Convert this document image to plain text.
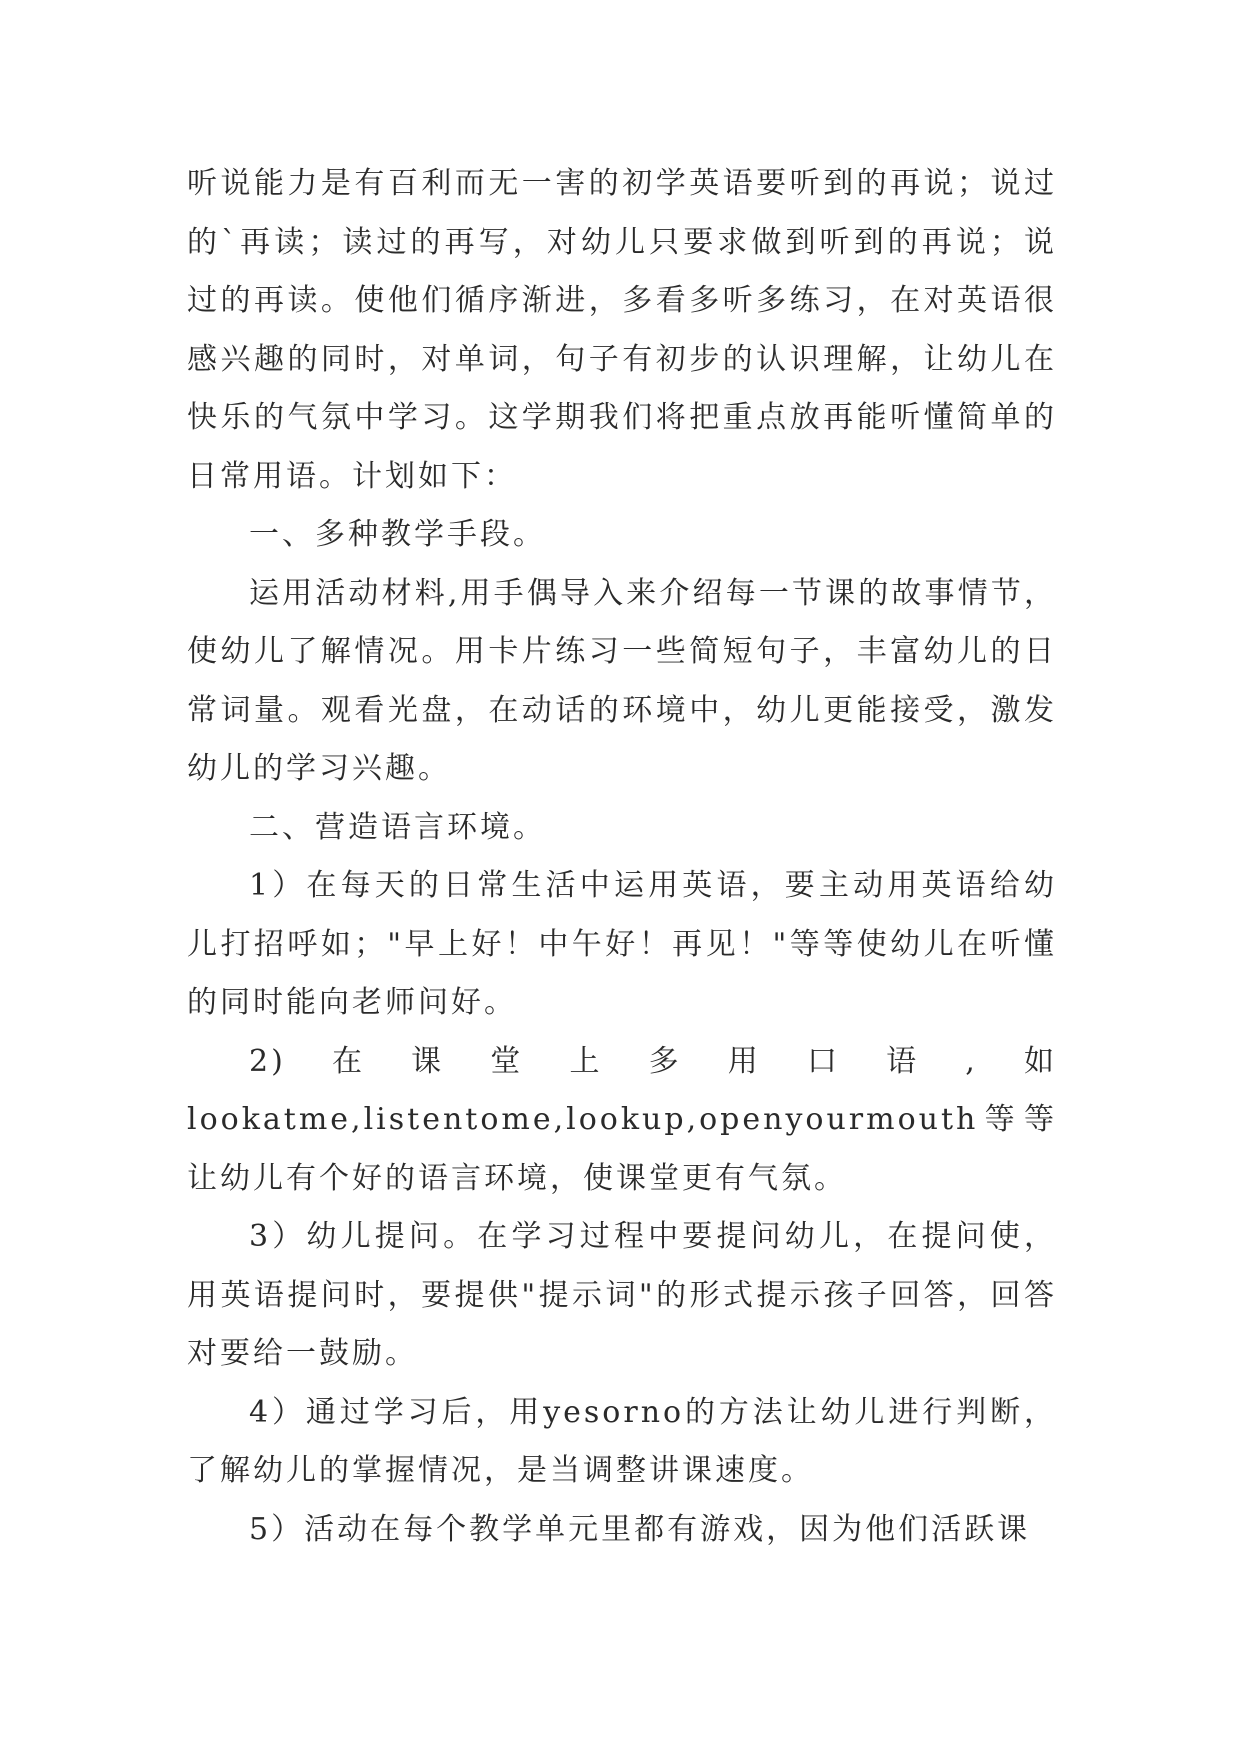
听说能力是有百利而无一害的初学英语要听到的再说；说过的`再读；读过的再写，对幼儿只要求做到听到的再说；说过的再读。使他们循序渐进，多看多听多练习，在对英语很感兴趣的同时，对单词，句子有初步的认识理解，让幼儿在快乐的气氛中学习。这学期我们将把重点放再能听懂简单的日常用语。计划如下：

一、多种教学手段。

运用活动材料,用手偶导入来介绍每一节课的故事情节，使幼儿了解情况。用卡片练习一些简短句子，丰富幼儿的日常词量。观看光盘，在动话的环境中，幼儿更能接受，激发幼儿的学习兴趣。

二、营造语言环境。

1）在每天的日常生活中运用英语，要主动用英语给幼儿打招呼如；"早上好！中午好！再见！"等等使幼儿在听懂的同时能向老师问好。

2)在课堂上多用口语,如lookatme,listentome,lookup,openyourmouth等等让幼儿有个好的语言环境，使课堂更有气氛。

3）幼儿提问。在学习过程中要提问幼儿，在提问使，用英语提问时，要提供"提示词"的形式提示孩子回答，回答对要给一鼓励。

4）通过学习后，用yesorno的方法让幼儿进行判断，了解幼儿的掌握情况，是当调整讲课速度。

5）活动在每个教学单元里都有游戏，因为他们活跃课
